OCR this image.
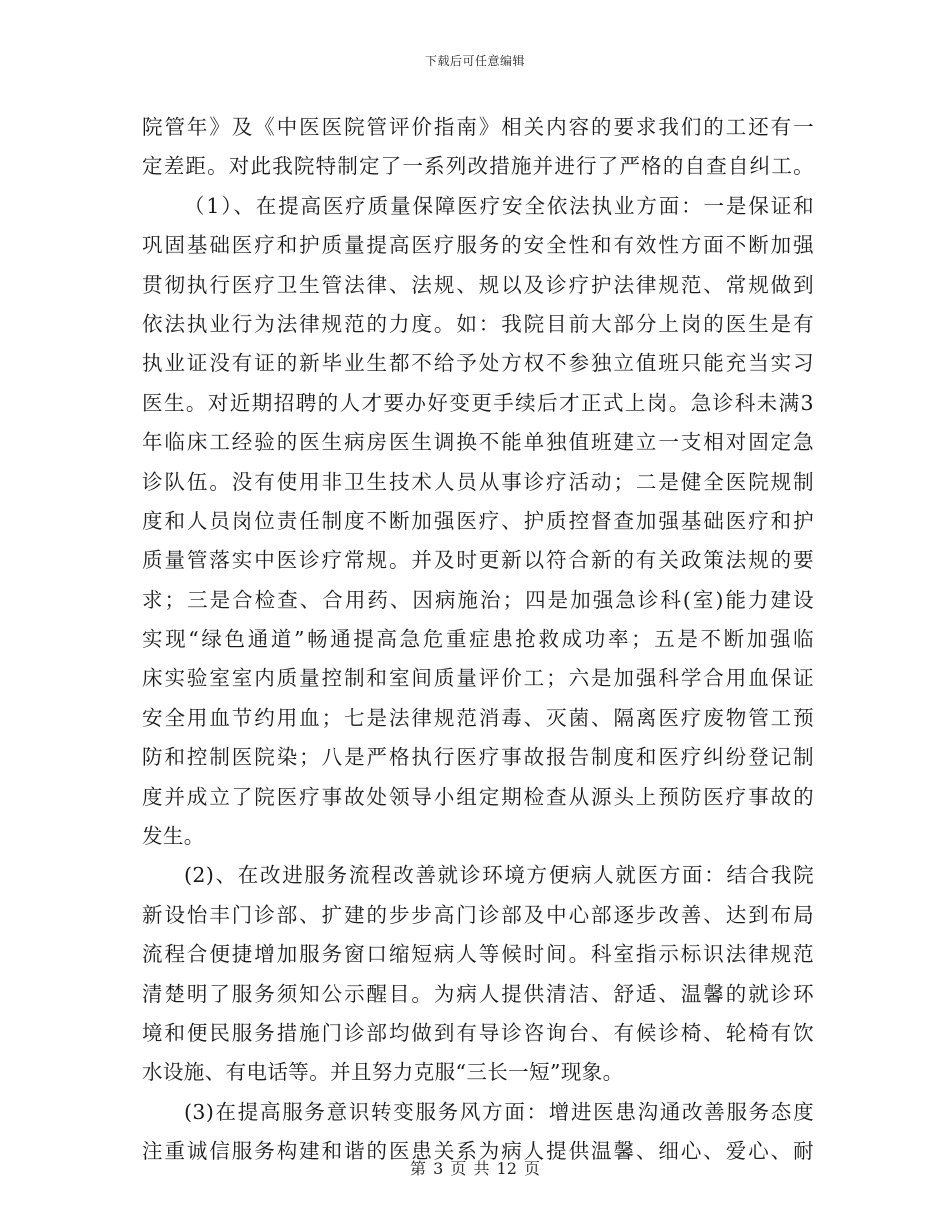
下载后可任意编辑
院管年》及《中医医院管评价指南》相关内容的要求我们的工还有一
定差距。对此我院特制定了一系列改措施并进行了严格的自查自纠工。
（1）、在提高医疗质量保障医疗安全依法执业方面：一是保证和
巩固基础医疗和护质量提高医疗服务的安全性和有效性方面不断加强
贯彻执行医疗卫生管法律、法规、规以及诊疗护法律规范、常规做到
依法执业行为法律规范的力度。如：我院目前大部分上岗的医生是有
执业证没有证的新毕业生都不给予处方权不参独立值班只能充当实习
医生。对近期招聘的人才要办好变更手续后才正式上岗。急诊科未满3
年临床工经验的医生病房医生调换不能单独值班建立一支相对固定急
诊队伍。没有使用非卫生技术人员从事诊疗活动；二是健全医院规制
度和人员岗位责任制度不断加强医疗、护质控督查加强基础医疗和护
质量管落实中医诊疗常规。并及时更新以符合新的有关政策法规的要
求；三是合检查、合用药、因病施治；四是加强急诊科(室)能力建设
实现“绿色通道”畅通提高急危重症患抢救成功率；五是不断加强临
床实验室室内质量控制和室间质量评价工；六是加强科学合用血保证
安全用血节约用血；七是法律规范消毒、灭菌、隔离医疗废物管工预
防和控制医院染；八是严格执行医疗事故报告制度和医疗纠纷登记制
度并成立了院医疗事故处领导小组定期检查从源头上预防医疗事故的
发生。
(2)、在改进服务流程改善就诊环境方便病人就医方面：结合我院
新设怡丰门诊部、扩建的步步高门诊部及中心部逐步改善、达到布局
流程合便捷增加服务窗口缩短病人等候时间。科室指示标识法律规范
清楚明了服务须知公示醒目。为病人提供清洁、舒适、温馨的就诊环
境和便民服务措施门诊部均做到有导诊咨询台、有候诊椅、轮椅有饮
水设施、有电话等。并且努力克服“三长一短”现象。
(3)在提高服务意识转变服务风方面：增进医患沟通改善服务态度
注重诚信服务构建和谐的医患关系为病人提供温馨、细心、爱心、耐
第 3 页 共 12 页
